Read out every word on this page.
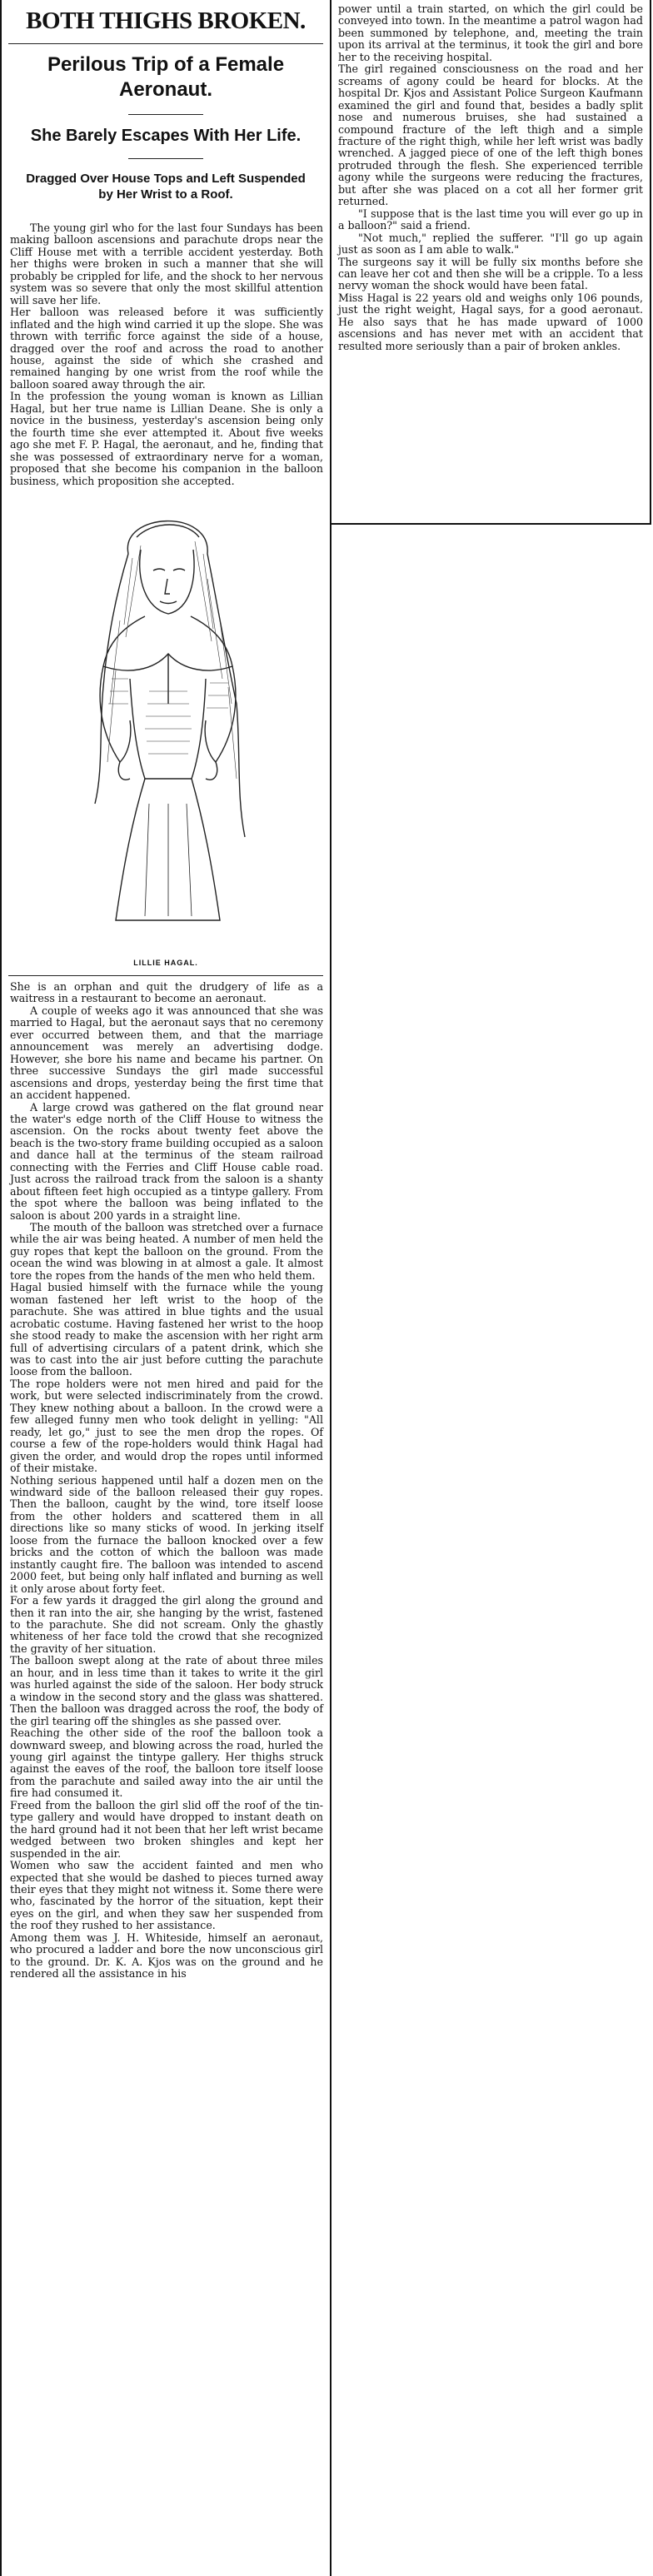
BOTH THIGHS BROKEN.
Perilous Trip of a Female Aeronaut.
She Barely Escapes With Her Life.
Dragged Over House Tops and Left Suspended by Her Wrist to a Roof.

The young girl who for the last four Sundays has been making balloon ascensions and parachute drops near the Cliff House met with a terrible accident yesterday. Both her thighs were broken in such a manner that she will probably be crippled for life, and the shock to her nervous system was so severe that only the most skillful attention will save her life.

Her balloon was released before it was sufficiently inflated and the high wind carried it up the slope. She was thrown with terrific force against the side of a house, dragged over the roof and across the road to another house, against the side of which she crashed and remained hanging by one wrist from the roof while the balloon soared away through the air.

In the profession the young woman is known as Lillian Hagal, but her true name is Lillian Deane. She is only a novice in the business, yesterday's ascension being only the fourth time she ever attempted it. About five weeks ago she met F. P. Hagal, the aeronaut, and he, finding that she was possessed of extraordinary nerve for a woman, proposed that she become his companion in the balloon business, which proposition she accepted.

LILLIE HAGAL.

She is an orphan and quit the drudgery of life as a waitress in a restaurant to become an aeronaut.

A couple of weeks ago it was announced that she was married to Hagal, but the aeronaut says that no ceremony ever occurred between them, and that the marriage announcement was merely an advertising dodge. However, she bore his name and became his partner. On three successive Sundays the girl made successful ascensions and drops, yesterday being the first time that an accident happened.

A large crowd was gathered on the flat ground near the water's edge north of the Cliff House to witness the ascension. On the rocks about twenty feet above the beach is the two-story frame building occupied as a saloon and dance hall at the terminus of the steam railroad connecting with the Ferries and Cliff House cable road. Just across the railroad track from the saloon is a shanty about fifteen feet high occupied as a tintype gallery. From the spot where the balloon was being inflated to the saloon is about 200 yards in a straight line.

The mouth of the balloon was stretched over a furnace while the air was being heated. A number of men held the guy ropes that kept the balloon on the ground. From the ocean the wind was blowing in at almost a gale. It almost tore the ropes from the hands of the men who held them.

Hagal busied himself with the furnace while the young woman fastened her left wrist to the hoop of the parachute. She was attired in blue tights and the usual acrobatic costume. Having fastened her wrist to the hoop she stood ready to make the ascension with her right arm full of advertising circulars of a patent drink, which she was to cast into the air just before cutting the parachute loose from the balloon.

The rope holders were not men hired and paid for the work, but were selected indiscriminately from the crowd. They knew nothing about a balloon. In the crowd were a few alleged funny men who took delight in yelling: "All ready, let go," just to see the men drop the ropes. Of course a few of the rope-holders would think Hagal had given the order, and would drop the ropes until informed of their mistake.

Nothing serious happened until half a dozen men on the windward side of the balloon released their guy ropes. Then the balloon, caught by the wind, tore itself loose from the other holders and scattered them in all directions like so many sticks of wood. In jerking itself loose from the furnace the balloon knocked over a few bricks and the cotton of which the balloon was made instantly caught fire. The balloon was intended to ascend 2000 feet, but being only half inflated and burning as well it only arose about forty feet.

For a few yards it dragged the girl along the ground and then it ran into the air, she hanging by the wrist, fastened to the parachute. She did not scream. Only the ghastly whiteness of her face told the crowd that she recognized the gravity of her situation.

The balloon swept along at the rate of about three miles an hour, and in less time than it takes to write it the girl was hurled against the side of the saloon. Her body struck a window in the second story and the glass was shattered. Then the balloon was dragged across the roof, the body of the girl tearing off the shingles as she passed over.

Reaching the other side of the roof the balloon took a downward sweep, and blowing across the road, hurled the young girl against the tintype gallery. Her thighs struck against the eaves of the roof, the balloon tore itself loose from the parachute and sailed away into the air until the fire had consumed it.

Freed from the balloon the girl slid off the roof of the tin-type gallery and would have dropped to instant death on the hard ground had it not been that her left wrist became wedged between two broken shingles and kept her suspended in the air.

Women who saw the accident fainted and men who expected that she would be dashed to pieces turned away their eyes that they might not witness it. Some there were who, fascinated by the horror of the situation, kept their eyes on the girl, and when they saw her suspended from the roof they rushed to her assistance.

Among them was J. H. Whiteside, himself an aeronaut, who procured a ladder and bore the now unconscious girl to the ground. Dr. K. A. Kjos was on the ground and he rendered all the assistance in his

power until a train started, on which the girl could be conveyed into town. In the meantime a patrol wagon had been summoned by telephone, and, meeting the train upon its arrival at the terminus, it took the girl and bore her to the receiving hospital.

The girl regained consciousness on the road and her screams of agony could be heard for blocks. At the hospital Dr. Kjos and Assistant Police Surgeon Kaufmann examined the girl and found that, besides a badly split nose and numerous bruises, she had sustained a compound fracture of the left thigh and a simple fracture of the right thigh, while her left wrist was badly wrenched. A jagged piece of one of the left thigh bones protruded through the flesh. She experienced terrible agony while the surgeons were reducing the fractures, but after she was placed on a cot all her former grit returned.

"I suppose that is the last time you will ever go up in a balloon?" said a friend.

"Not much," replied the sufferer. "I'll go up again just as soon as I am able to walk."

The surgeons say it will be fully six months before she can leave her cot and then she will be a cripple. To a less nervy woman the shock would have been fatal.

Miss Hagal is 22 years old and weighs only 106 pounds, just the right weight, Hagal says, for a good aeronaut. He also says that he has made upward of 1000 ascensions and has never met with an accident that resulted more seriously than a pair of broken ankles.
